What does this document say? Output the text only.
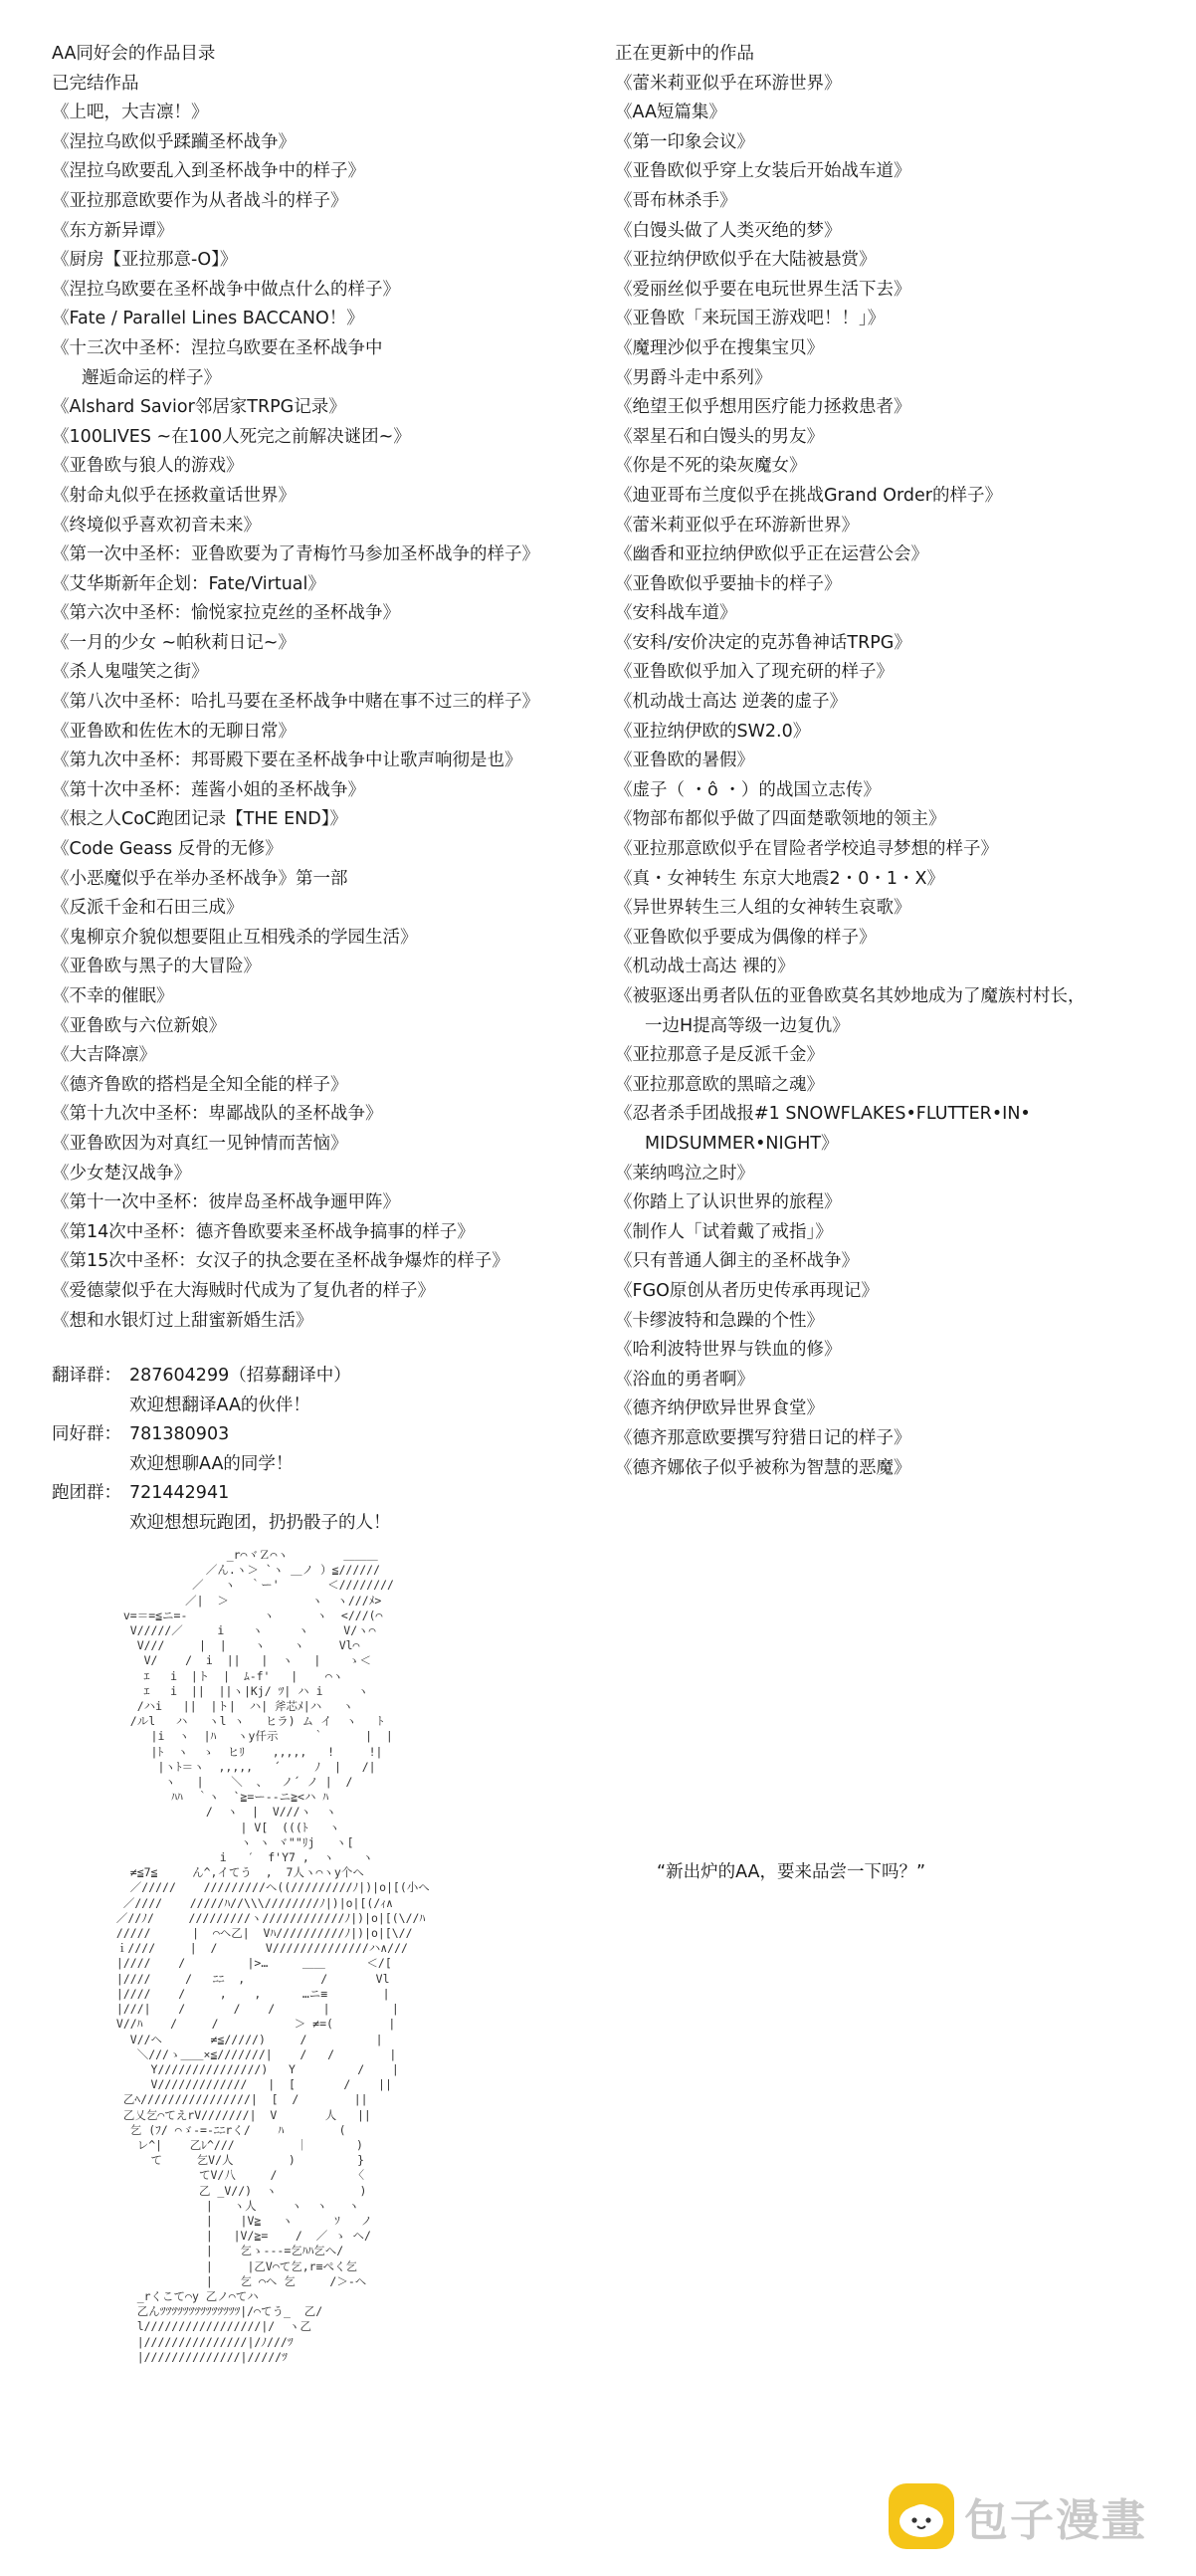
AA同好会的作品目录
已完结作品
《上吧，大吉凛！》
《涅拉乌欧似乎蹂躏圣杯战争》
《涅拉乌欧要乱入到圣杯战争中的样子》
《亚拉那意欧要作为从者战斗的样子》
《东方新异谭》
《厨房【亚拉那意-O】》
《涅拉乌欧要在圣杯战争中做点什么的样子》
《Fate / Parallel Lines BACCANO！》
《十三次中圣杯：涅拉乌欧要在圣杯战争中
邂逅命运的样子》
《Alshard Savior邻居家TRPG记录》
《100LIVES ~在100人死完之前解决谜团~》
《亚鲁欧与狼人的游戏》
《射命丸似乎在拯救童话世界》
《终境似乎喜欢初音未来》
《第一次中圣杯：亚鲁欧要为了青梅竹马参加圣杯战争的样子》
《艾华斯新年企划：Fate/Virtual》
《第六次中圣杯：愉悦家拉克丝的圣杯战争》
《一月的少女 ~帕秋莉日记~》
《杀人鬼嗤笑之街》
《第八次中圣杯：哈扎马要在圣杯战争中赌在事不过三的样子》
《亚鲁欧和佐佐木的无聊日常》
《第九次中圣杯：邦哥殿下要在圣杯战争中让歌声响彻是也》
《第十次中圣杯：莲酱小姐的圣杯战争》
《根之人CoC跑团记录【THE END】》
《Code Geass 反骨的无修》
《小恶魔似乎在举办圣杯战争》第一部
《反派千金和石田三成》
《鬼柳京介貌似想要阻止互相残杀的学园生活》
《亚鲁欧与黑子的大冒险》
《不幸的催眠》
《亚鲁欧与六位新娘》
《大吉降凛》
《德齐鲁欧的搭档是全知全能的样子》
《第十九次中圣杯：卑鄙战队的圣杯战争》
《亚鲁欧因为对真红一见钟情而苦恼》
《少女楚汉战争》
《第十一次中圣杯：彼岸岛圣杯战争逦甲阵》
《第14次中圣杯：德齐鲁欧要来圣杯战争搞事的样子》
《第15次中圣杯：女汉子的执念要在圣杯战争爆炸的样子》
《爱德蒙似乎在大海贼时代成为了复仇者的样子》
《想和水银灯过上甜蜜新婚生活》
正在更新中的作品
《蕾米莉亚似乎在环游世界》
《AA短篇集》
《第一印象会议》
《亚鲁欧似乎穿上女装后开始战车道》
《哥布林杀手》
《白馒头做了人类灭绝的梦》
《亚拉纳伊欧似乎在大陆被悬赏》
《爱丽丝似乎要在电玩世界生活下去》
《亚鲁欧「来玩国王游戏吧！！」》
《魔理沙似乎在搜集宝贝》
《男爵斗走中系列》
《绝望王似乎想用医疗能力拯救患者》
《翠星石和白馒头的男友》
《你是不死的染灰魔女》
《迪亚哥布兰度似乎在挑战Grand Order的样子》
《蕾米莉亚似乎在环游新世界》
《幽香和亚拉纳伊欧似乎正在运营公会》
《亚鲁欧似乎要抽卡的样子》
《安科战车道》
《安科/安价决定的克苏鲁神话TRPG》
《亚鲁欧似乎加入了现充研的样子》
《机动战士高达 逆袭的虚子》
《亚拉纳伊欧的SW2.0》
《亚鲁欧的暑假》
《虚子（ ・ô ・）的战国立志传》
《物部布都似乎做了四面楚歌领地的领主》
《亚拉那意欧似乎在冒险者学校追寻梦想的样子》
《真・女神转生 东京大地震2・0・1・X》
《异世界转生三人组的女神转生哀歌》
《亚鲁欧似乎要成为偶像的样子》
《机动战士高达 裸的》
《被驱逐出勇者队伍的亚鲁欧莫名其妙地成为了魔族村村长，
一边H提高等级一边复仇》
《亚拉那意子是反派千金》
《亚拉那意欧的黑暗之魂》
《忍者杀手团战报#1 SNOWFLAKES•FLUTTER•IN•
MIDSUMMER•NIGHT》
《莱纳鸣泣之时》
《你踏上了认识世界的旅程》
《制作人「试着戴了戒指」》
《只有普通人御主的圣杯战争》
《FGO原创从者历史传承再现记》
《卡缪波特和急躁的个性》
《哈利波特世界与铁血的修》
《浴血的勇者啊》
《德齐纳伊欧异世界食堂》
《德齐那意欧要撰写狩猎日记的样子》
《德齐娜依子似乎被称为智慧的恶魔》
翻译群： 287604299（招募翻译中）
欢迎想翻译AA的伙伴！
同好群： 781380903
欢迎想聊AA的同学！
跑团群： 721442941
欢迎想想玩跑团，扔扔骰子的人！
_r⌒ヾＺ⌒ヽ        ＿＿＿
／ん.ヽ＞ `ヽ ＿ノ ）≦//////
／   ヽ  ｀ー'       ＜////////
／|  ＞            ヽ  ヽ///ﾒ>
v=＝=≦ニ=-           ヽ      ヽ  <///(⌒
V/////／     i    ヽ     ヽ     V/ヽ⌒
V///     |  |    ヽ    ヽ     Vl⌒
V/    /  i  ||   |  ヽ   |    ゝ＜
ｴ   i  |ト  |  ﾑ-f'   |    ⌒ヽ
ｴ   i  ||  ||ヽ|Kj/ ﾂ| ハ i     ヽ
/ハi   ||  |ト|  ハ| 斧芯ﾒ|ハ   ヽ
/ルl   ハ   ヽl ヽ   ヒラ) ム イ  ヽ   ﾄ
|i  ヽ  |ﾊ   ヽy仟示     ｀      |  |
|ﾄ  ヽ  ゝ  ヒﾘ    ,,,,,   !     !|
|ヽﾄ＝ヽ  ,,,,,   ´     ﾉ  |   /|
ヽ   |    ＼  、  ノ´ ノ |  /
ﾊﾊ  ｀ヽ  `≧=ー-‐ニ≧<ハ ﾊ
/  ヽ  |  V///ヽ  ヽ
| V[  (((ﾄ   ヽ
ヽ ヽ ヾ""ﾘj   ヽ[
i   ′  f'Y7 ,  ヽ    ヽ
≠≦7≦     ん^,イてう  ,  7人ヽ⌒ヽy个へ
／/////    /////////ヘ((/////////ﾉ|)|o|[(小へ
／////    /////ﾊ//\\\////////ﾉ|)|o|[(/ｨ∧
／//ﾉ/     /////////ヽ////////////ﾉ|)|o|[(\//ﾊ
/////      |  ⌒ヘ乙|  Vﾊ//////////ﾉ|)|o|[\//
ｉ////     |  /       V//////////////ハ∧///
|////    /         |>…     ＿＿      ＜/[
|////     /   ﾆﾆ  ,           /       Vl
|////    /     ,    ,      …ニ≡        |
|///|    /       /    /       |         |
V//ﾊ    /     /           ＞ ≠=(        |
V//ヘ       ≠≦/////)     /          |
＼///ゝ＿＿×≦///////|    /   /        |
Y///////////////)   Y         /    |
V/////////////   |  [       /    ||
乙ﾍ////////////////|  [  /        ||
乙乂乞⌒てえrV///////|  V       人   ||
乞 (ﾌ/ ⌒ゞ-=-ﾆﾆrく/    ﾊ        (
レ^|    乙ﾚ^///         ｜       )
て     乞V/人        )         }
てV/八     /           〈
乙 _V//)  ヽ            )
|   ヽ人     ヽ  ヽ   ヽ
|    |V≧   ヽ      ｿ   ノ
|   |V/≧=    /  ／ ゝ ヘ/
|    乞ゝ---=乞ﾊﾊ乞へ/
|     |乙V⌒て乞,r≡ぺく乞
|    乞 ⌒ヘ 乞     /＞-ヘ
_rくこて⌒y 乙ノ⌒てハ
乙んﾂﾂﾂﾂﾂﾂﾂﾂﾂﾂﾂﾂﾂﾂ|/⌒てう_  乙/
l/////////////////|/  ヽ乙
|///////////////|/ﾉ///ﾂ
|//////////////|/////ﾂ
“新出炉的AA，要来品尝一下吗？”
包子漫畫
